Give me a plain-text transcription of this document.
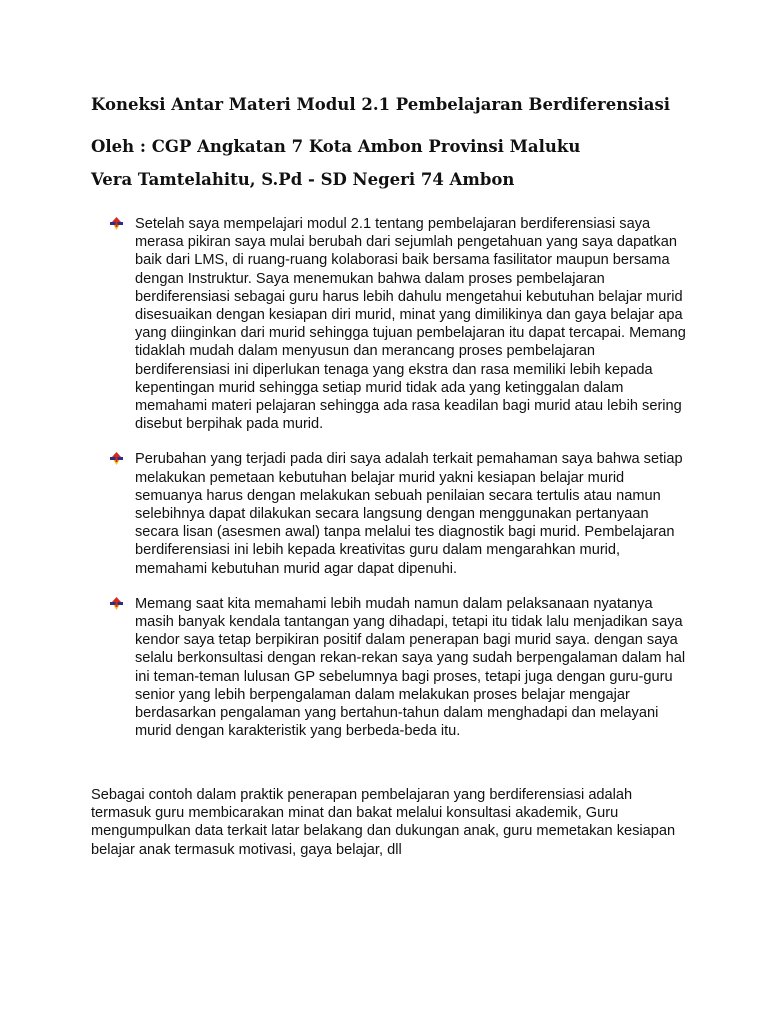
Koneksi Antar Materi Modul 2.1 Pembelajaran Berdiferensiasi
Oleh : CGP Angkatan 7 Kota Ambon Provinsi Maluku
Vera Tamtelahitu, S.Pd - SD Negeri 74 Ambon
Setelah saya mempelajari modul 2.1 tentang pembelajaran berdiferensiasi saya merasa pikiran saya mulai berubah dari sejumlah pengetahuan yang saya dapatkan baik dari LMS, di ruang-ruang kolaborasi baik bersama fasilitator maupun bersama dengan Instruktur. Saya menemukan bahwa dalam proses pembelajaran berdiferensiasi sebagai guru harus lebih dahulu mengetahui kebutuhan belajar murid disesuaikan dengan kesiapan diri murid, minat yang dimilikinya dan gaya belajar apa yang diinginkan dari murid sehingga tujuan pembelajaran itu dapat tercapai. Memang tidaklah mudah dalam menyusun dan merancang proses pembelajaran berdiferensiasi ini diperlukan tenaga yang ekstra dan rasa memiliki lebih kepada kepentingan murid sehingga setiap murid tidak ada yang ketinggalan dalam memahami materi pelajaran sehingga ada rasa keadilan bagi murid atau lebih sering disebut berpihak pada murid.
Perubahan yang terjadi pada diri saya adalah terkait pemahaman saya bahwa setiap melakukan pemetaan kebutuhan belajar murid yakni kesiapan belajar murid semuanya harus dengan melakukan sebuah penilaian secara tertulis atau namun selebihnya dapat dilakukan secara langsung dengan menggunakan pertanyaan secara lisan (asesmen awal) tanpa melalui tes diagnostik bagi murid. Pembelajaran berdiferensiasi ini lebih kepada kreativitas guru dalam mengarahkan murid, memahami kebutuhan murid agar dapat dipenuhi.
Memang saat kita memahami lebih mudah namun dalam pelaksanaan nyatanya masih banyak kendala tantangan yang dihadapi, tetapi itu tidak lalu menjadikan saya kendor saya tetap berpikiran positif dalam penerapan bagi murid saya. dengan saya selalu berkonsultasi dengan rekan-rekan saya yang sudah berpengalaman dalam hal ini teman-teman lulusan GP sebelumnya bagi proses, tetapi juga dengan guru-guru senior yang lebih berpengalaman dalam melakukan proses belajar mengajar berdasarkan pengalaman yang bertahun-tahun dalam menghadapi dan melayani murid dengan karakteristik yang berbeda-beda itu.

Sebagai contoh dalam praktik penerapan pembelajaran yang berdiferensiasi adalah termasuk guru membicarakan minat dan bakat melalui konsultasi akademik, Guru mengumpulkan data terkait latar belakang dan dukungan anak, guru memetakan kesiapan belajar anak termasuk motivasi, gaya belajar, dll
